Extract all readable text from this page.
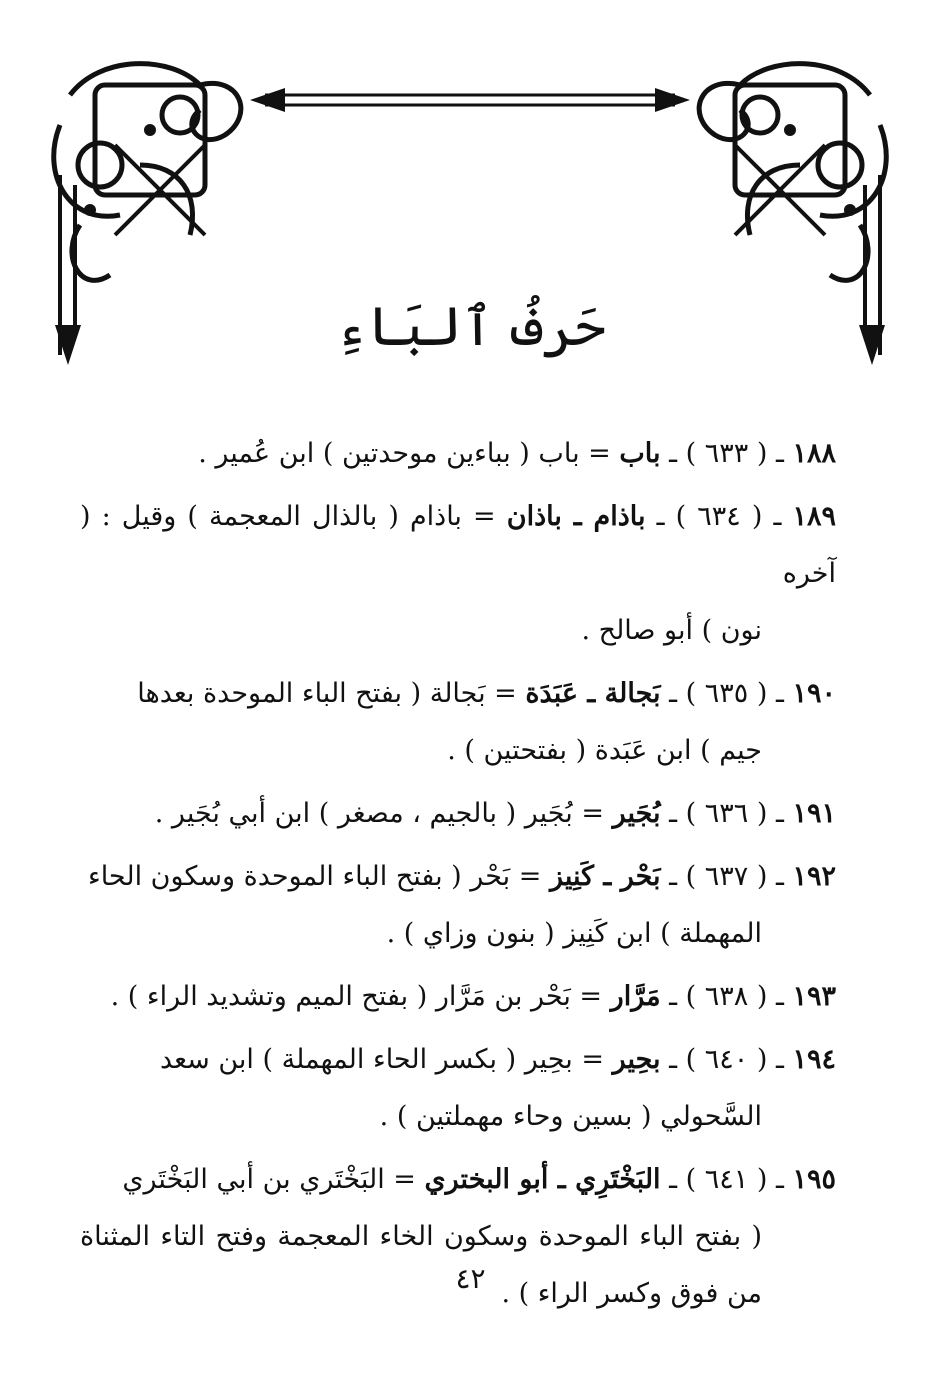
حَرفُ ٱلبَاءِ
١٨٨ ـ ( ٦٣٣ ) ـ باب = باب ( بباءين موحدتين ) ابن عُمير .
١٨٩ ـ ( ٦٣٤ ) ـ باذام ـ باذان = باذام ( بالذال المعجمة ) وقيل : ( آخره
نون ) أبو صالح .
١٩٠ ـ ( ٦٣٥ ) ـ بَجالة ـ عَبَدَة = بَجالة ( بفتح الباء الموحدة بعدها
جيم ) ابن عَبَدة ( بفتحتين ) .
١٩١ ـ ( ٦٣٦ ) ـ بُجَير = بُجَير ( بالجيم ، مصغر ) ابن أبي بُجَير .
١٩٢ ـ ( ٦٣٧ ) ـ بَحْر ـ كَنِيز = بَحْر ( بفتح الباء الموحدة وسكون الحاء
المهملة ) ابن كَنِيز ( بنون وزاي ) .
١٩٣ ـ ( ٦٣٨ ) ـ مَرَّار = بَحْر بن مَرَّار ( بفتح الميم وتشديد الراء ) .
١٩٤ ـ ( ٦٤٠ ) ـ بحِير = بحِير ( بكسر الحاء المهملة ) ابن سعد
السَّحولي ( بسين وحاء مهملتين ) .
١٩٥ ـ ( ٦٤١ ) ـ البَخْتَرِي ـ أبو البختري = البَخْتَري بن أبي البَخْتَري
( بفتح الباء الموحدة وسكون الخاء المعجمة وفتح التاء المثناة من فوق وكسر الراء ) .
٤٢
